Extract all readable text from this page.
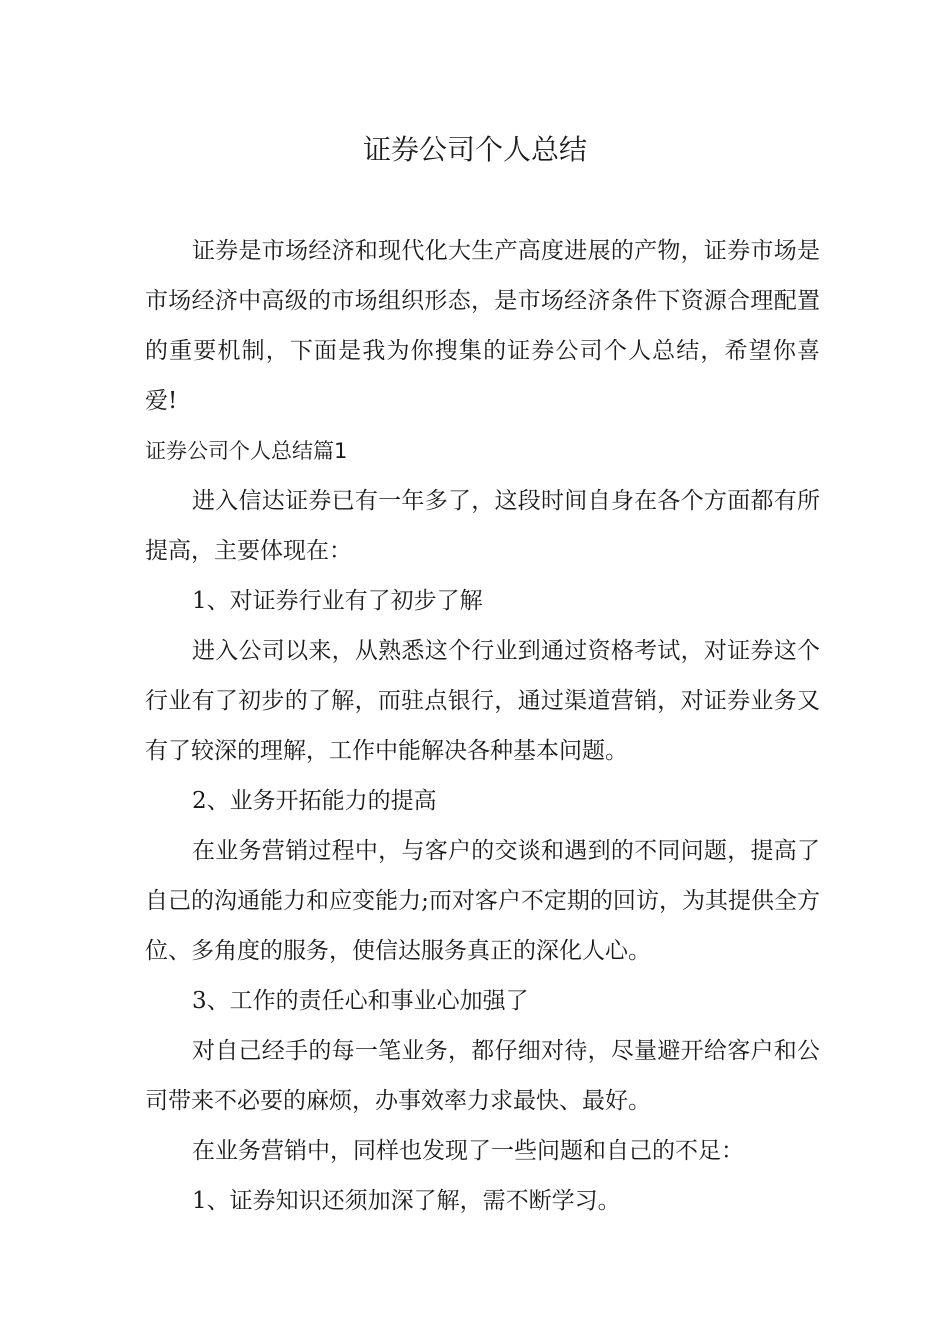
证券公司个人总结

证券是市场经济和现代化大生产高度进展的产物，证券市场是市场经济中高级的市场组织形态，是市场经济条件下资源合理配置的重要机制，下面是我为你搜集的证券公司个人总结，希望你喜爱!

证券公司个人总结篇1

进入信达证券已有一年多了，这段时间自身在各个方面都有所提高，主要体现在：

1、对证券行业有了初步了解

进入公司以来，从熟悉这个行业到通过资格考试，对证券这个行业有了初步的了解，而驻点银行，通过渠道营销，对证券业务又有了较深的理解，工作中能解决各种基本问题。

2、业务开拓能力的提高

在业务营销过程中，与客户的交谈和遇到的不同问题，提高了自己的沟通能力和应变能力;而对客户不定期的回访，为其提供全方位、多角度的服务，使信达服务真正的深化人心。

3、工作的责任心和事业心加强了

对自己经手的每一笔业务，都仔细对待，尽量避开给客户和公司带来不必要的麻烦，办事效率力求最快、最好。

在业务营销中，同样也发现了一些问题和自己的不足：

1、证券知识还须加深了解，需不断学习。
